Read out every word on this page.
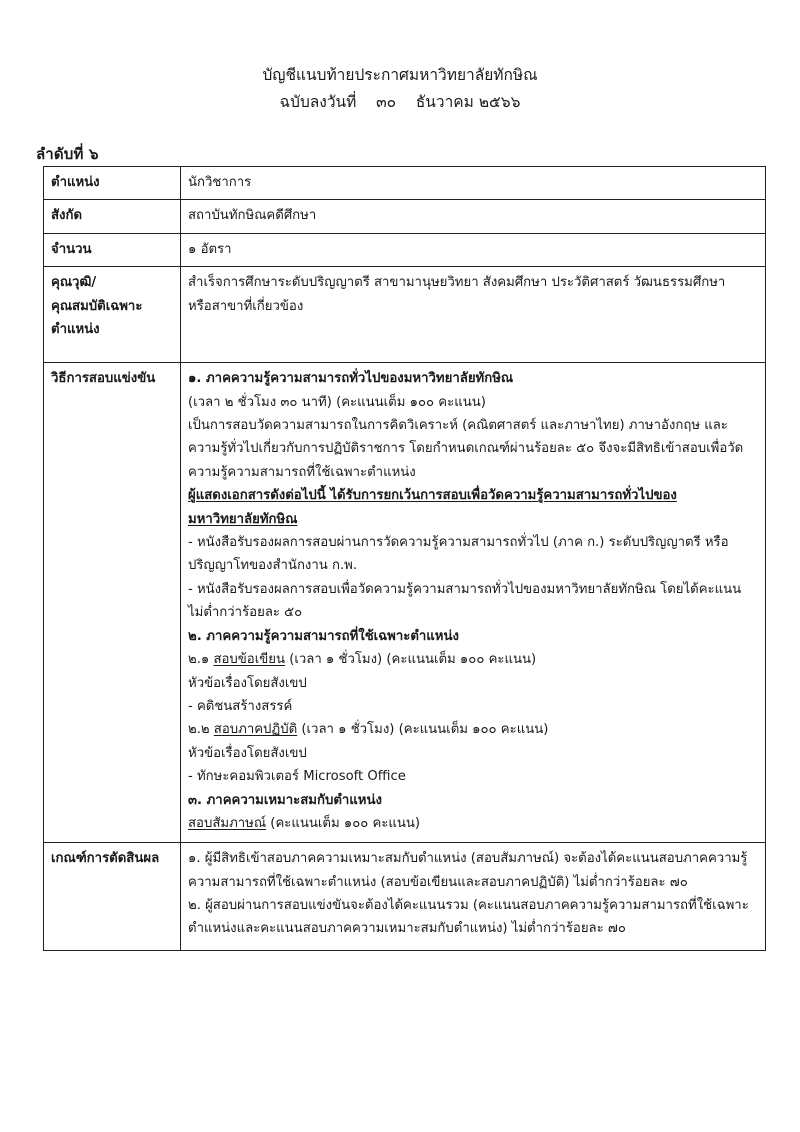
บัญชีแนบท้ายประกาศมหาวิทยาลัยทักษิณ
ฉบับลงวันที่    ๓๐    ธันวาคม ๒๕๖๖
ลำดับที่ ๖
ตำแหน่ง	นักวิชาการ
สังกัด	สถาบันทักษิณคดีศึกษา
จำนวน	๑ อัตรา

คุณวุฒิ/
คุณสมบัติเฉพาะ
ตำแหน่ง	สำเร็จการศึกษาระดับปริญญาตรี สาขามานุษยวิทยา สังคมศึกษา ประวัติศาสตร์ วัฒนธรรมศึกษา
หรือสาขาที่เกี่ยวข้อง

วิธีการสอบแข่งขัน	๑. ภาคความรู้ความสามารถทั่วไปของมหาวิทยาลัยทักษิณ
(เวลา ๒ ชั่วโมง ๓๐ นาที) (คะแนนเต็ม ๑๐๐ คะแนน)
เป็นการสอบวัดความสามารถในการคิดวิเคราะห์ (คณิตศาสตร์ และภาษาไทย) ภาษาอังกฤษ และ
ความรู้ทั่วไปเกี่ยวกับการปฏิบัติราชการ โดยกำหนดเกณฑ์ผ่านร้อยละ ๕๐ จึงจะมีสิทธิเข้าสอบเพื่อวัด
ความรู้ความสามารถที่ใช้เฉพาะตำแหน่ง
ผู้แสดงเอกสารดังต่อไปนี้ ได้รับการยกเว้นการสอบเพื่อวัดความรู้ความสามารถทั่วไปของ
มหาวิทยาลัยทักษิณ
- หนังสือรับรองผลการสอบผ่านการวัดความรู้ความสามารถทั่วไป (ภาค ก.) ระดับปริญญาตรี หรือ
ปริญญาโทของสำนักงาน ก.พ.
- หนังสือรับรองผลการสอบเพื่อวัดความรู้ความสามารถทั่วไปของมหาวิทยาลัยทักษิณ โดยได้คะแนน
ไม่ต่ำกว่าร้อยละ ๕๐
๒. ภาคความรู้ความสามารถที่ใช้เฉพาะตำแหน่ง
๒.๑ สอบข้อเขียน (เวลา ๑ ชั่วโมง) (คะแนนเต็ม ๑๐๐ คะแนน)
หัวข้อเรื่องโดยสังเขป
- คติชนสร้างสรรค์
๒.๒ สอบภาคปฏิบัติ (เวลา ๑ ชั่วโมง) (คะแนนเต็ม ๑๐๐ คะแนน)
หัวข้อเรื่องโดยสังเขป
- ทักษะคอมพิวเตอร์ Microsoft Office
๓. ภาคความเหมาะสมกับตำแหน่ง
สอบสัมภาษณ์ (คะแนนเต็ม ๑๐๐ คะแนน)

เกณฑ์การตัดสินผล	๑. ผู้มีสิทธิเข้าสอบภาคความเหมาะสมกับตำแหน่ง (สอบสัมภาษณ์) จะต้องได้คะแนนสอบภาคความรู้
ความสามารถที่ใช้เฉพาะตำแหน่ง (สอบข้อเขียนและสอบภาคปฏิบัติ) ไม่ต่ำกว่าร้อยละ ๗๐
๒. ผู้สอบผ่านการสอบแข่งขันจะต้องได้คะแนนรวม (คะแนนสอบภาคความรู้ความสามารถที่ใช้เฉพาะ
ตำแหน่งและคะแนนสอบภาคความเหมาะสมกับตำแหน่ง) ไม่ต่ำกว่าร้อยละ ๗๐
